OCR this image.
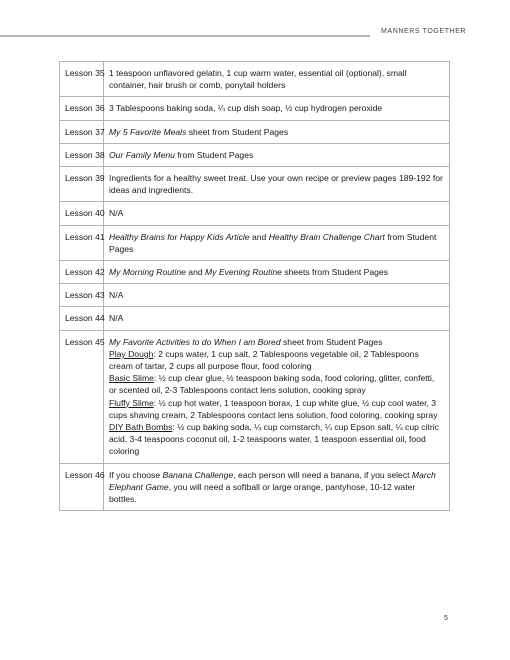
MANNERS TOGETHER
Lesson 35	1 teaspoon unflavored gelatin, 1 cup warm water, essential oil (optional), small container, hair brush or comb, ponytail holders
Lesson 36	3 Tablespoons baking soda, ¼ cup dish soap, ½ cup hydrogen peroxide
Lesson 37	My 5 Favorite Meals sheet from Student Pages
Lesson 38	Our Family Menu from Student Pages
Lesson 39	Ingredients for a healthy sweet treat. Use your own recipe or preview pages 189-192 for ideas and ingredients.
Lesson 40	N/A
Lesson 41	Healthy Brains for Happy Kids Article and Healthy Brain Challenge Chart from Student Pages
Lesson 42	My Morning Routine and My Evening Routine sheets from Student Pages
Lesson 43	N/A
Lesson 44	N/A
Lesson 45	My Favorite Activities to do When I am Bored sheet from Student Pages
Play Dough: 2 cups water, 1 cup salt, 2 Tablespoons vegetable oil, 2 Tablespoons cream of tartar, 2 cups all purpose flour, food coloring
Basic Slime: ½ cup clear glue, ½ teaspoon baking soda, food coloring, glitter, confetti, or scented oil, 2-3 Tablespoons contact lens solution, cooking spray
Fluffy Slime: ½ cup hot water, 1 teaspoon borax, 1 cup white glue, ½ cup cool water, 3 cups shaving cream, 2 Tablespoons contact lens solution, food coloring, cooking spray
DIY Bath Bombs: ½ cup baking soda, ¼ cup cornstarch, ¼ cup Epson salt, ¼ cup citric acid. 3-4 teaspoons coconut oil, 1-2 teaspoons water, 1 teaspoon essential oil, food coloring
Lesson 46	If you choose Banana Challenge, each person will need a banana, if you select March Elephant Game, you will need a softball or large orange, pantyhose, 10-12 water bottles.
5
